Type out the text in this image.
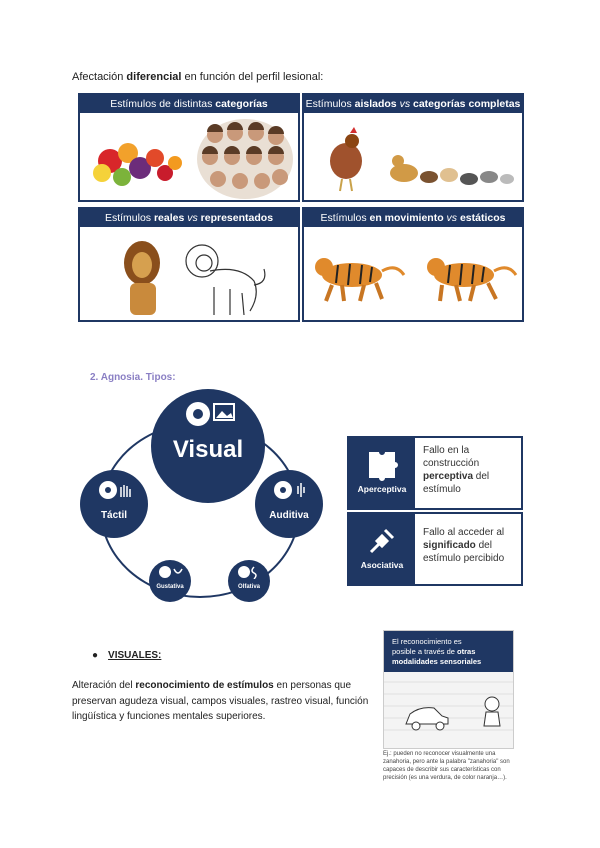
Afectación diferencial en función del perfil lesional:
Estímulos de distintas categorías	Estímulos aislados vs categorías completas
Estímulos reales vs representados	Estímulos en movimiento vs estáticos
2. Agnosia. Tipos:
Visual
Táctil	Auditiva
Gustativa	Olfativa
Aperceptiva
Fallo en la
construcción
perceptiva del
estímulo
Asociativa
Fallo al acceder al
significado del
estímulo percibido
● VISUALES:
Alteración del reconocimiento de estímulos en personas que preservan agudeza visual, campos visuales, rastreo visual, función lingüística y funciones mentales superiores.
El reconocimiento es
posible a través de otras
modalidades sensoriales
Ej.: pueden no reconocer visualmente una zanahoria, pero ante la palabra "zanahoria" son capaces de describir sus características con precisión (es una verdura, de color naranja…).
